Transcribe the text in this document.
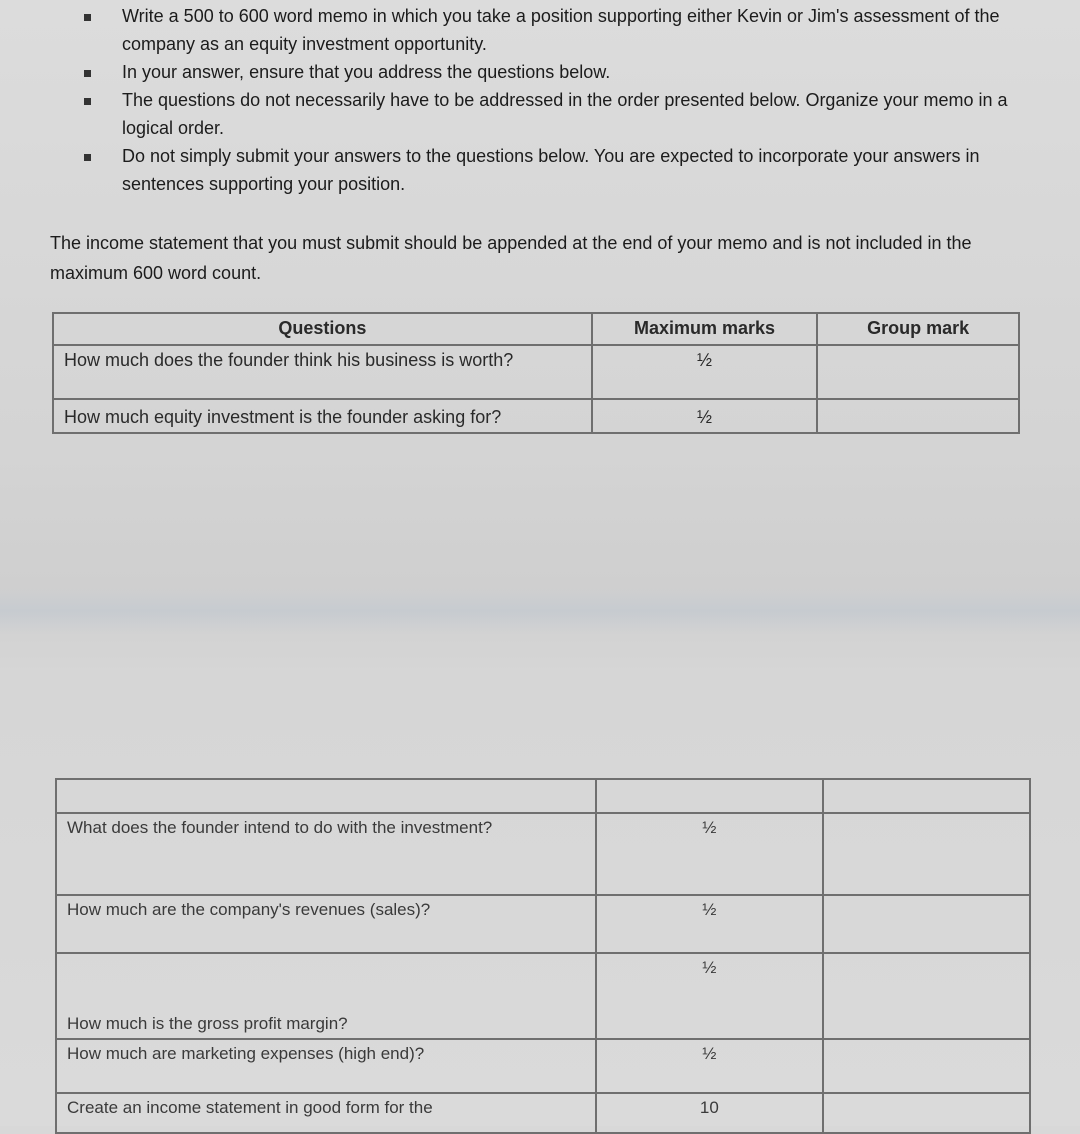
Write a 500 to 600 word memo in which you take a position supporting either Kevin or Jim's assessment of the company as an equity investment opportunity.
In your answer, ensure that you address the questions below.
The questions do not necessarily have to be addressed in the order presented below. Organize your memo in a logical order.
Do not simply submit your answers to the questions below. You are expected to incorporate your answers in sentences supporting your position.

The income statement that you must submit should be appended at the end of your memo and is not included in the maximum 600 word count.

Questions	Maximum marks	Group mark
How much does the founder think his business is worth?	½	
How much equity investment is the founder asking for?	½	

What does the founder intend to do with the investment?	½	
How much are the company's revenues (sales)?	½	
How much is the gross profit margin?	½	
How much are marketing expenses (high end)?	½	
Create an income statement in good form for the	10	
